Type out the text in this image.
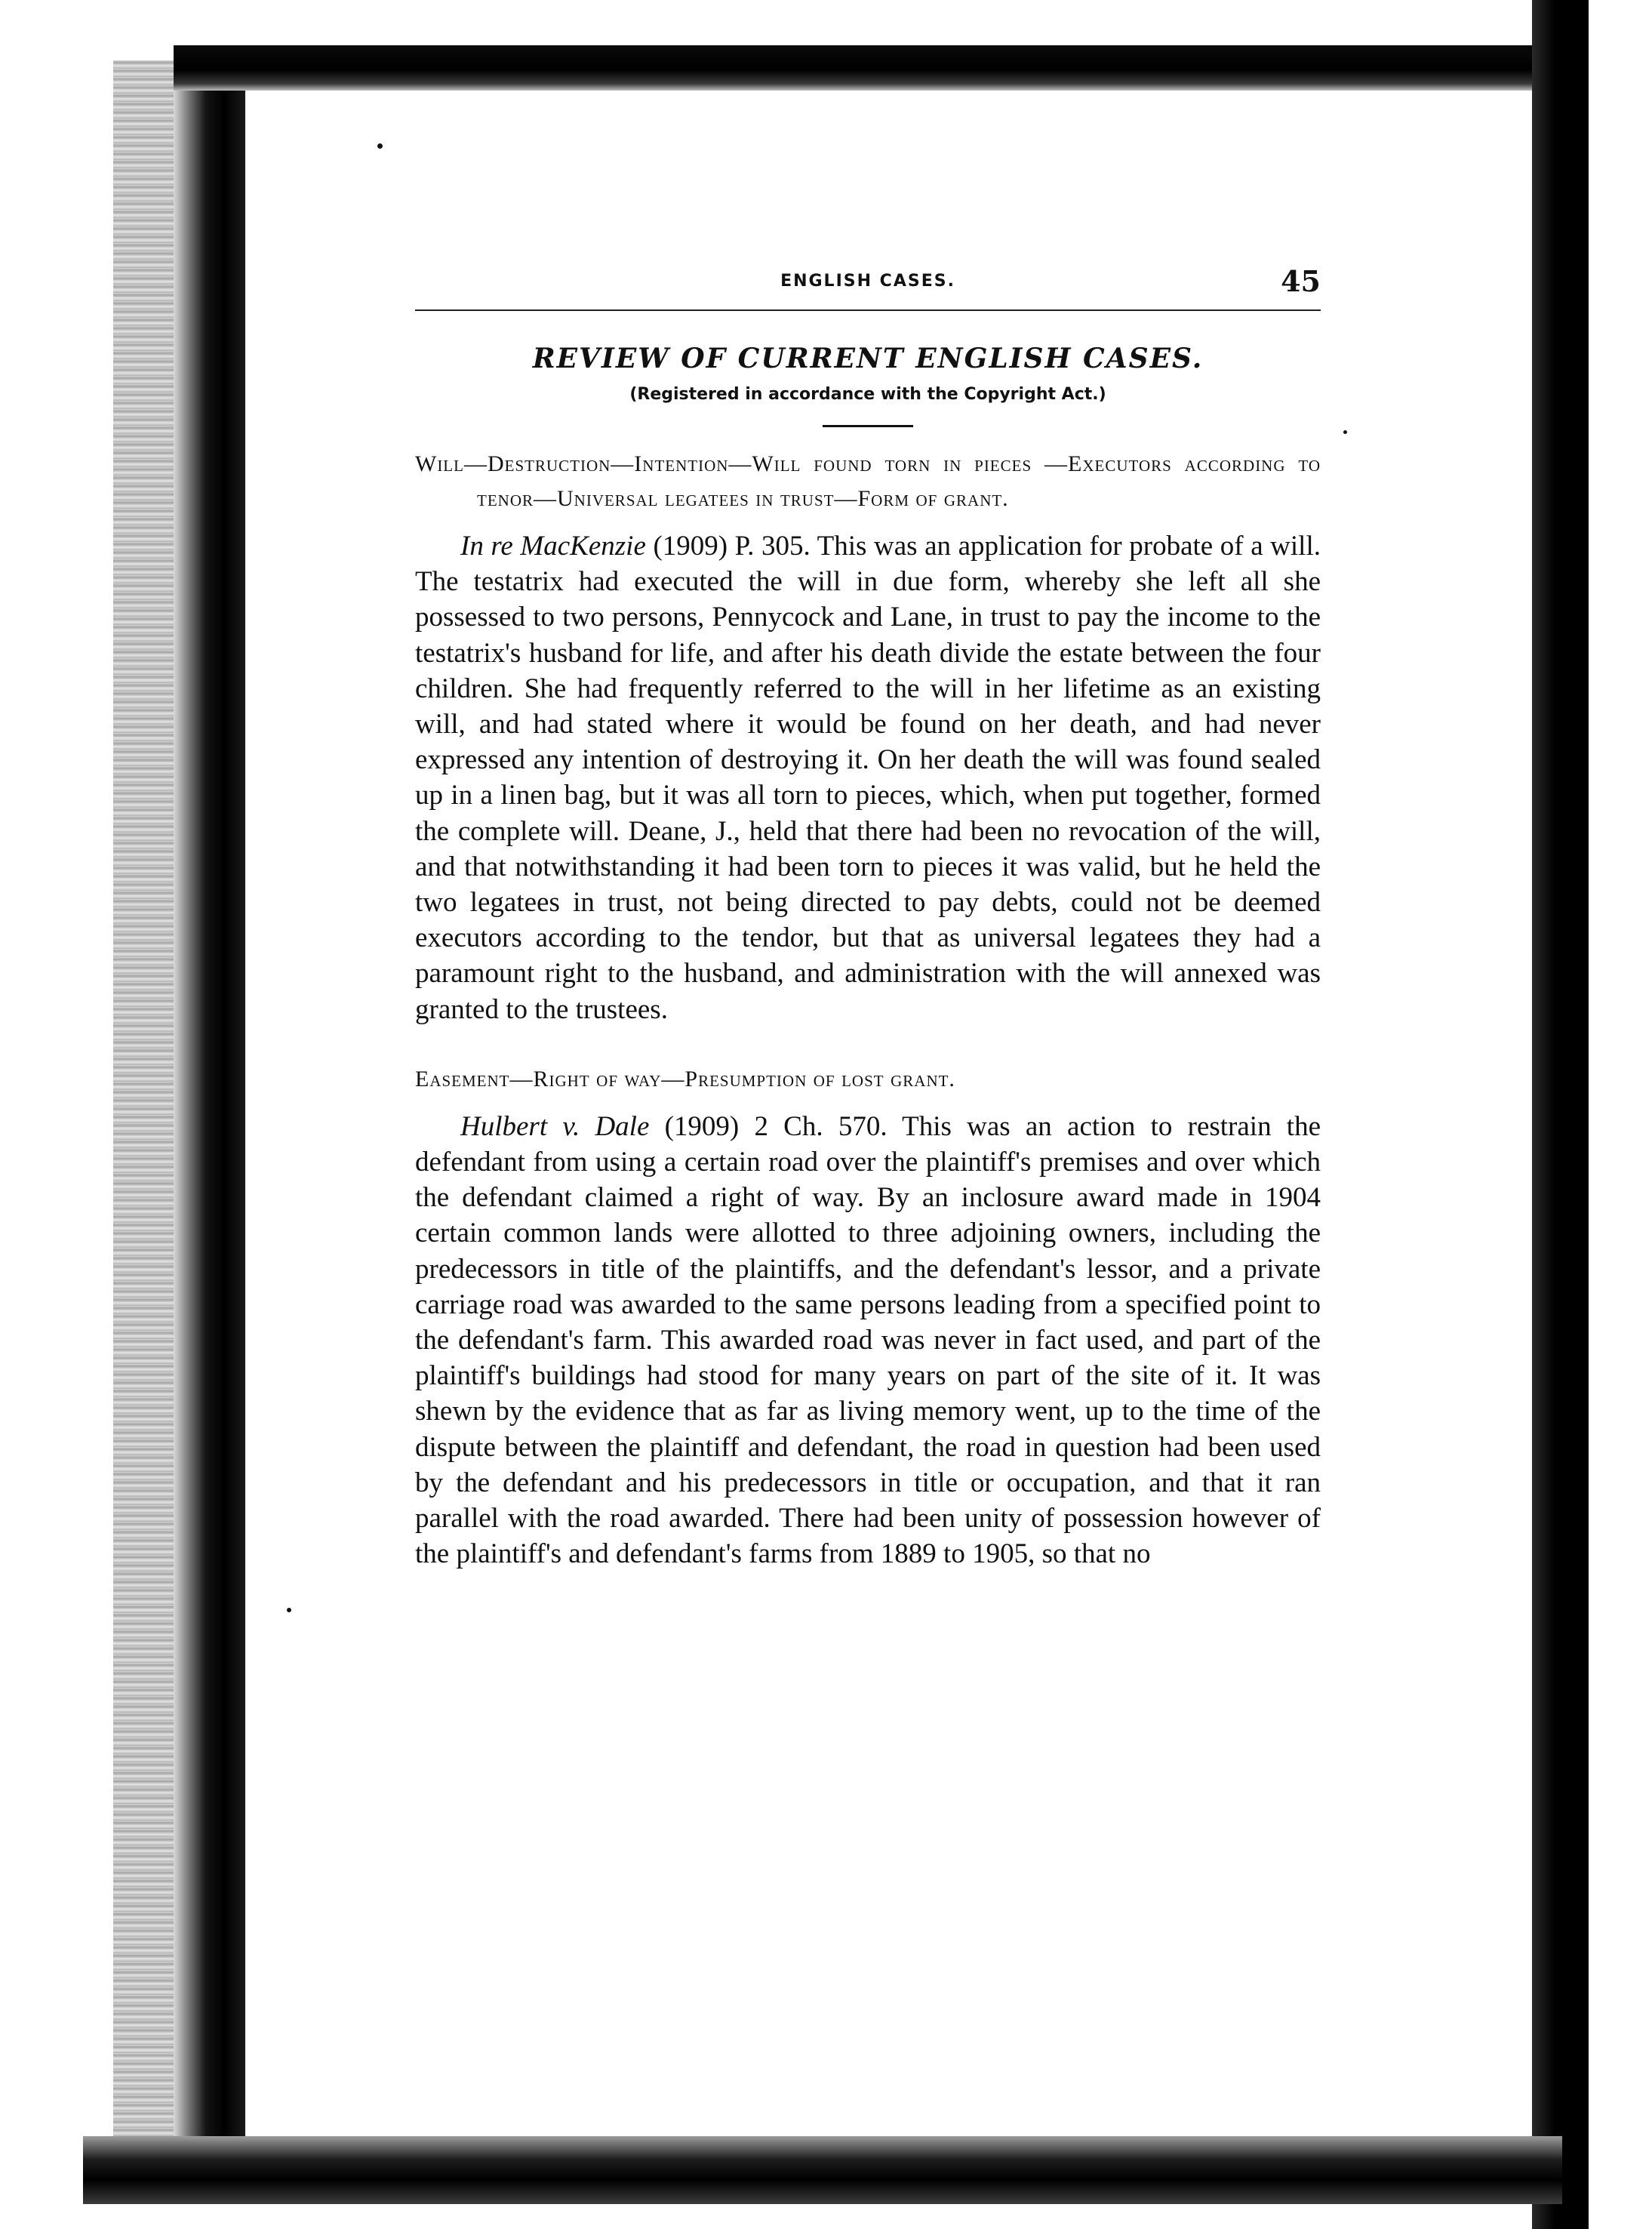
ENGLISH CASES.	45
REVIEW OF CURRENT ENGLISH CASES.
(Registered in accordance with the Copyright Act.)

Will—Destruction—Intention—Will found torn in pieces —Executors according to tenor—Universal legatees in trust—Form of grant.

In re MacKenzie (1909) P. 305. This was an application for probate of a will. The testatrix had executed the will in due form, whereby she left all she possessed to two persons, Pennycock and Lane, in trust to pay the income to the testatrix's husband for life, and after his death divide the estate between the four children. She had frequently referred to the will in her lifetime as an existing will, and had stated where it would be found on her death, and had never expressed any intention of destroying it. On her death the will was found sealed up in a linen bag, but it was all torn to pieces, which, when put together, formed the complete will. Deane, J., held that there had been no revocation of the will, and that notwithstanding it had been torn to pieces it was valid, but he held the two legatees in trust, not being directed to pay debts, could not be deemed executors according to the tendor, but that as universal legatees they had a paramount right to the husband, and administration with the will annexed was granted to the trustees.

Easement—Right of way—Presumption of lost grant.

Hulbert v. Dale (1909) 2 Ch. 570. This was an action to restrain the defendant from using a certain road over the plaintiff's premises and over which the defendant claimed a right of way. By an inclosure award made in 1904 certain common lands were allotted to three adjoining owners, including the predecessors in title of the plaintiffs, and the defendant's lessor, and a private carriage road was awarded to the same persons leading from a specified point to the defendant's farm. This awarded road was never in fact used, and part of the plaintiff's buildings had stood for many years on part of the site of it. It was shewn by the evidence that as far as living memory went, up to the time of the dispute between the plaintiff and defendant, the road in question had been used by the defendant and his predecessors in title or occupation, and that it ran parallel with the road awarded. There had been unity of possession however of the plaintiff's and defendant's farms from 1889 to 1905, so that no
